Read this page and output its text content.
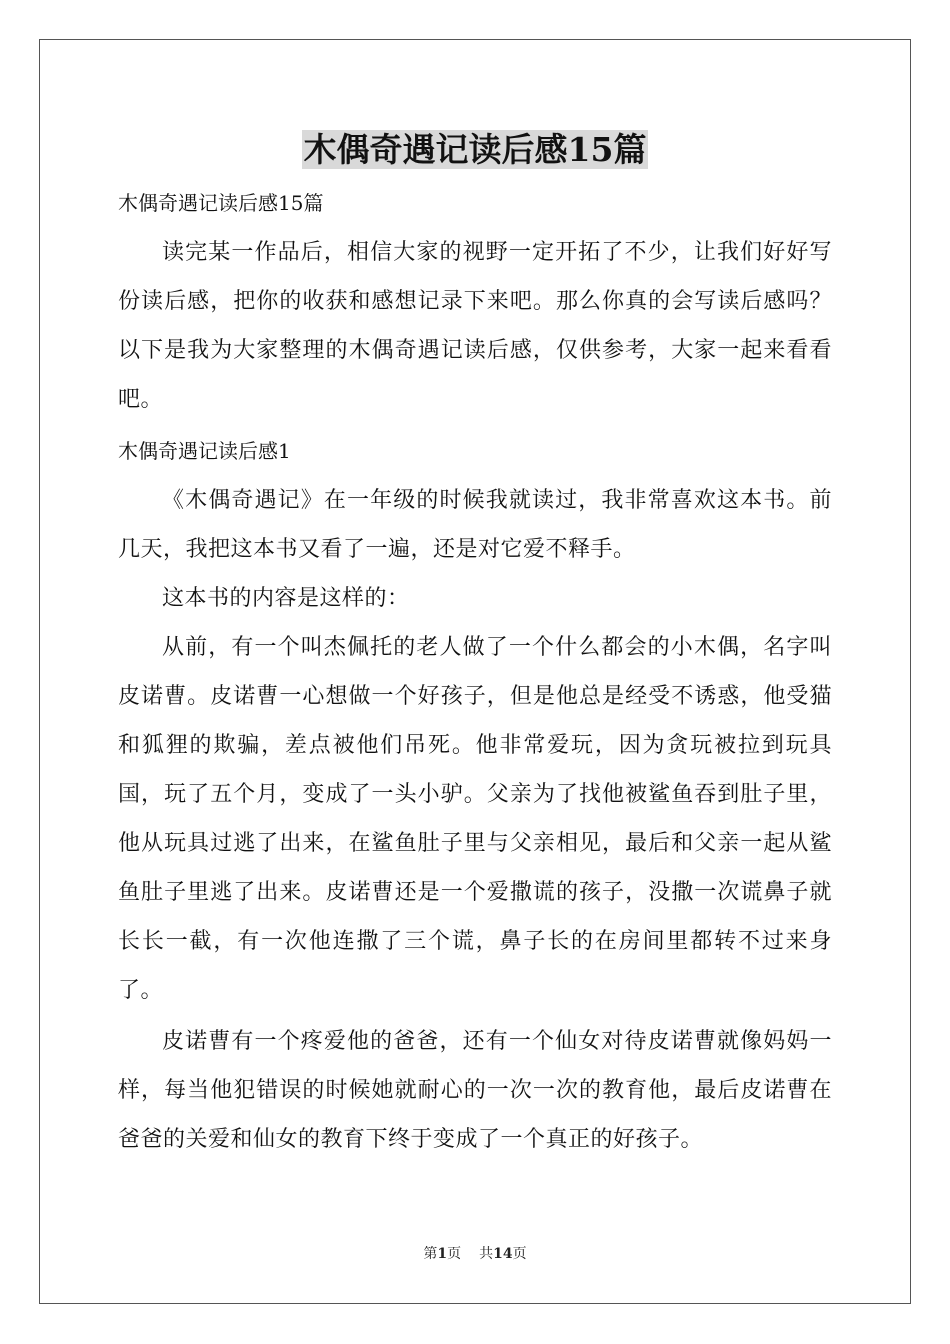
木偶奇遇记读后感15篇
木偶奇遇记读后感15篇

读完某一作品后，相信大家的视野一定开拓了不少，让我们好好写份读后感，把你的收获和感想记录下来吧。那么你真的会写读后感吗？以下是我为大家整理的木偶奇遇记读后感，仅供参考，大家一起来看看吧。

木偶奇遇记读后感1

《木偶奇遇记》在一年级的时候我就读过，我非常喜欢这本书。前几天，我把这本书又看了一遍，还是对它爱不释手。

这本书的内容是这样的：

从前，有一个叫杰佩托的老人做了一个什么都会的小木偶，名字叫皮诺曹。皮诺曹一心想做一个好孩子，但是他总是经受不诱惑，他受猫和狐狸的欺骗，差点被他们吊死。他非常爱玩，因为贪玩被拉到玩具国，玩了五个月，变成了一头小驴。父亲为了找他被鲨鱼吞到肚子里，他从玩具过逃了出来，在鲨鱼肚子里与父亲相见，最后和父亲一起从鲨鱼肚子里逃了出来。皮诺曹还是一个爱撒谎的孩子，没撒一次谎鼻子就长长一截，有一次他连撒了三个谎，鼻子长的在房间里都转不过来身了。

皮诺曹有一个疼爱他的爸爸，还有一个仙女对待皮诺曹就像妈妈一样，每当他犯错误的时候她就耐心的一次一次的教育他，最后皮诺曹在爸爸的关爱和仙女的教育下终于变成了一个真正的好孩子。

第1页 共14页
